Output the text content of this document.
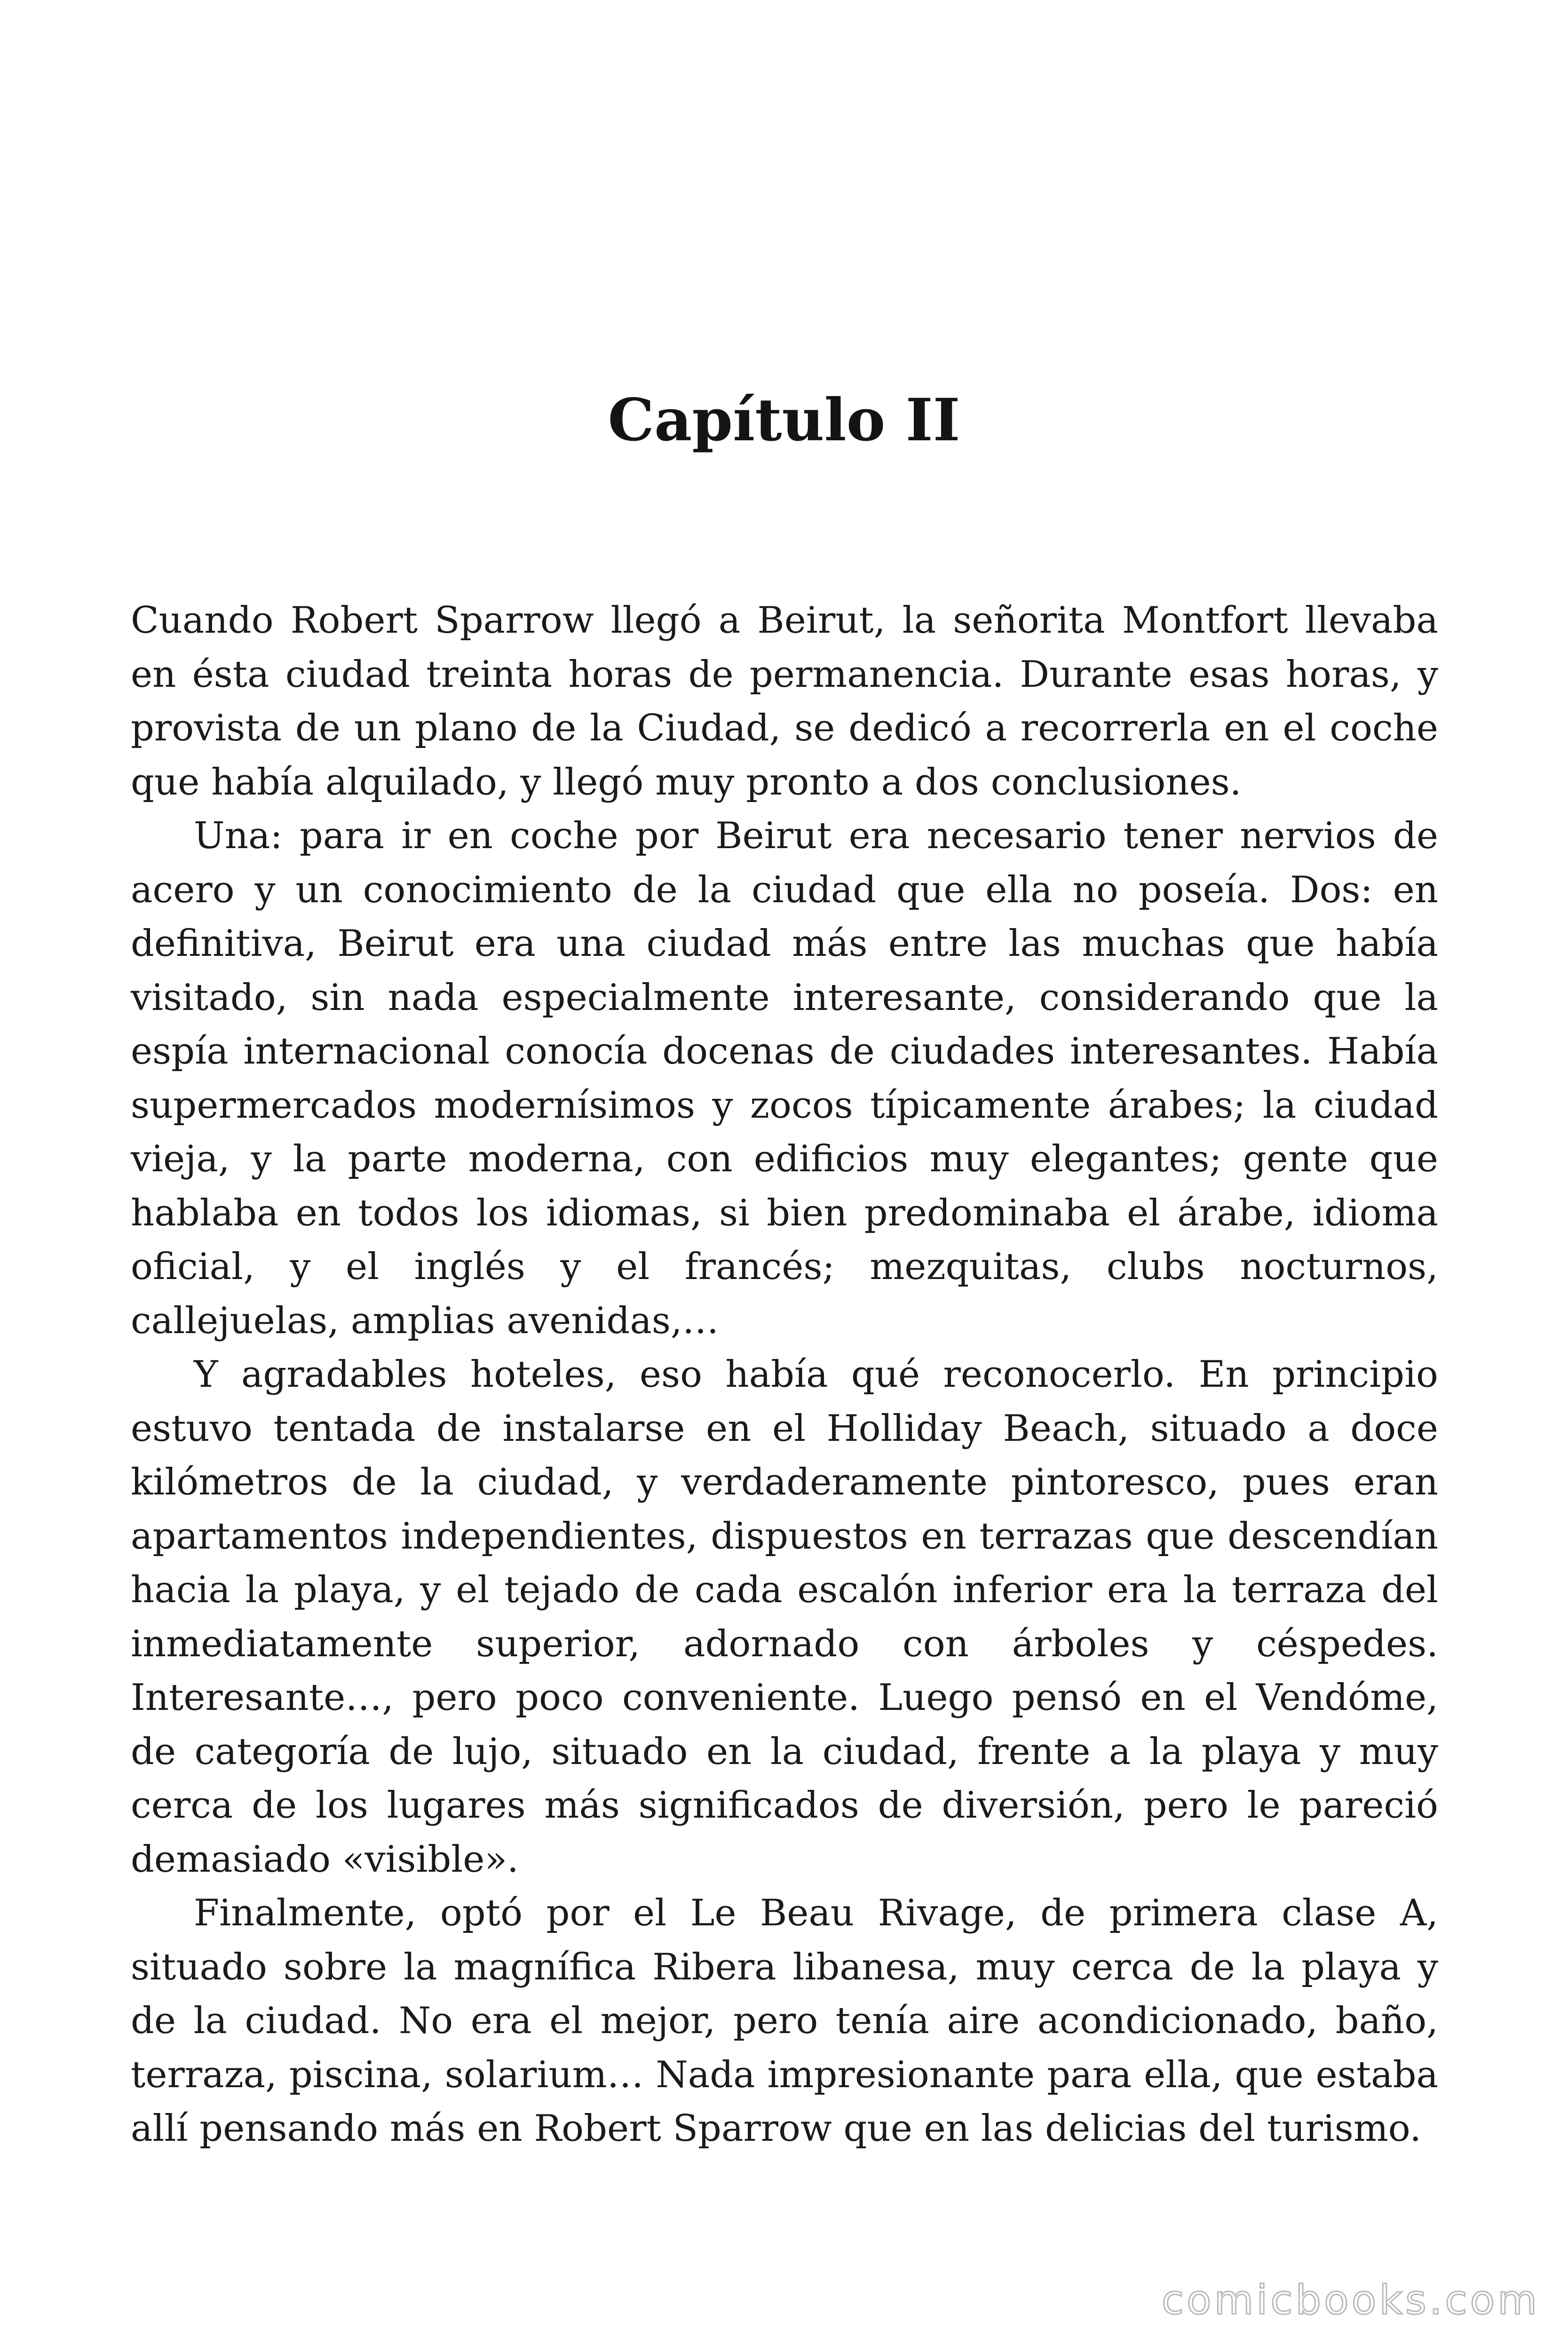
Capítulo II

Cuando Robert Sparrow llegó a Beirut, la señorita Montfort llevaba en ésta ciudad treinta horas de permanencia. Durante esas horas, y provista de un plano de la Ciudad, se dedicó a recorrerla en el coche que había alquilado, y llegó muy pronto a dos conclusiones.

Una: para ir en coche por Beirut era necesario tener nervios de acero y un conocimiento de la ciudad que ella no poseía. Dos: en definitiva, Beirut era una ciudad más entre las muchas que había visitado, sin nada especialmente interesante, considerando que la espía internacional conocía docenas de ciudades interesantes. Había supermercados modernísimos y zocos típicamente árabes; la ciudad vieja, y la parte moderna, con edificios muy elegantes; gente que hablaba en todos los idiomas, si bien predominaba el árabe, idioma oficial, y el inglés y el francés; mezquitas, clubs nocturnos, callejuelas, amplias avenidas,…

Y agradables hoteles, eso había qué reconocerlo. En principio estuvo tentada de instalarse en el Holliday Beach, situado a doce kilómetros de la ciudad, y verdaderamente pintoresco, pues eran apartamentos independientes, dispuestos en terrazas que descendían hacia la playa, y el tejado de cada escalón inferior era la terraza del inmediatamente superior, adornado con árboles y céspedes. Interesante…, pero poco conveniente. Luego pensó en el Vendóme, de categoría de lujo, situado en la ciudad, frente a la playa y muy cerca de los lugares más significados de diversión, pero le pareció demasiado «visible».

Finalmente, optó por el Le Beau Rivage, de primera clase A, situado sobre la magnífica Ribera libanesa, muy cerca de la playa y de la ciudad. No era el mejor, pero tenía aire acondicionado, baño, terraza, piscina, solarium… Nada impresionante para ella, que estaba allí pensando más en Robert Sparrow que en las delicias del turismo.

comicbooks.com
